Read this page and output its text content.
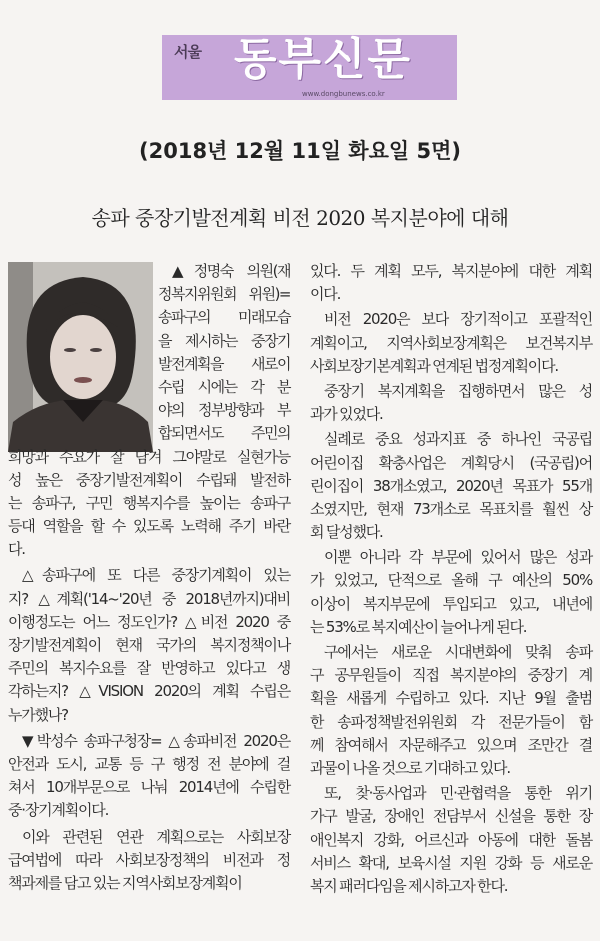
서울 동부신문
www.dongbunews.co.kr
(2018년 12월 11일 화요일 5면)
송파 중장기발전계획 비전 2020 복지분야에 대해
▲정명숙 의원(재
정복지위원회 위원)=
송파구의 미래모습
을 제시하는 중장기
발전계획을 새로이
수립 시에는 각 분
야의 정부방향과 부
합되면서도 주민의
희망과 수요가 잘 담겨 그야말로 실현가능
성 높은 중장기발전계획이 수립돼 발전하
는 송파구, 구민 행복지수를 높이는 송파구
등대 역할을 할 수 있도록 노력해 주기 바란
다.
△송파구에 또 다른 중장기계획이 있는
지? △계획('14~'20년 중 2018년까지)대비
이행정도는 어느 정도인가? △비전 2020 중
장기발전계획이 현재 국가의 복지정책이나
주민의 복지수요를 잘 반영하고 있다고 생
각하는지? △VISION 2020의 계획 수립은
누가했나?
▼박성수 송파구청장= △송파비전 2020은
안전과 도시, 교통 등 구 행정 전 분야에 걸
쳐서 10개부문으로 나눠 2014년에 수립한
중·장기계획이다.
이와 관련된 연관 계획으로는 사회보장
급여법에 따라 사회보장정책의 비전과 정
책과제를 담고 있는 지역사회보장계획이
있다. 두 계획 모두, 복지분야에 대한 계획
이다.
비전 2020은 보다 장기적이고 포괄적인
계획이고, 지역사회보장계획은 보건복지부
사회보장기본계획과 연계된 법정계획이다.
중장기 복지계획을 집행하면서 많은 성
과가 있었다.
실례로 중요 성과지표 중 하나인 국공립
어린이집 확충사업은 계획당시 (국공립)어
린이집이 38개소였고, 2020년 목표가 55개
소였지만, 현재 73개소로 목표치를 훨씬 상
회 달성했다.
이뿐 아니라 각 부문에 있어서 많은 성과
가 있었고, 단적으로 올해 구 예산의 50%
이상이 복지부문에 투입되고 있고, 내년에
는 53%로 복지예산이 늘어나게 된다.
구에서는 새로운 시대변화에 맞춰 송파
구 공무원들이 직접 복지분야의 중장기 계
획을 새롭게 수립하고 있다. 지난 9월 출범
한 송파정책발전위원회 각 전문가들이 함
께 참여해서 자문해주고 있으며 조만간 결
과물이 나올 것으로 기대하고 있다.
또, 찾·동사업과 민·관협력을 통한 위기
가구 발굴, 장애인 전담부서 신설을 통한 장
애인복지 강화, 어르신과 아동에 대한 돌봄
서비스 확대, 보육시설 지원 강화 등 새로운
복지 패러다임을 제시하고자 한다.
